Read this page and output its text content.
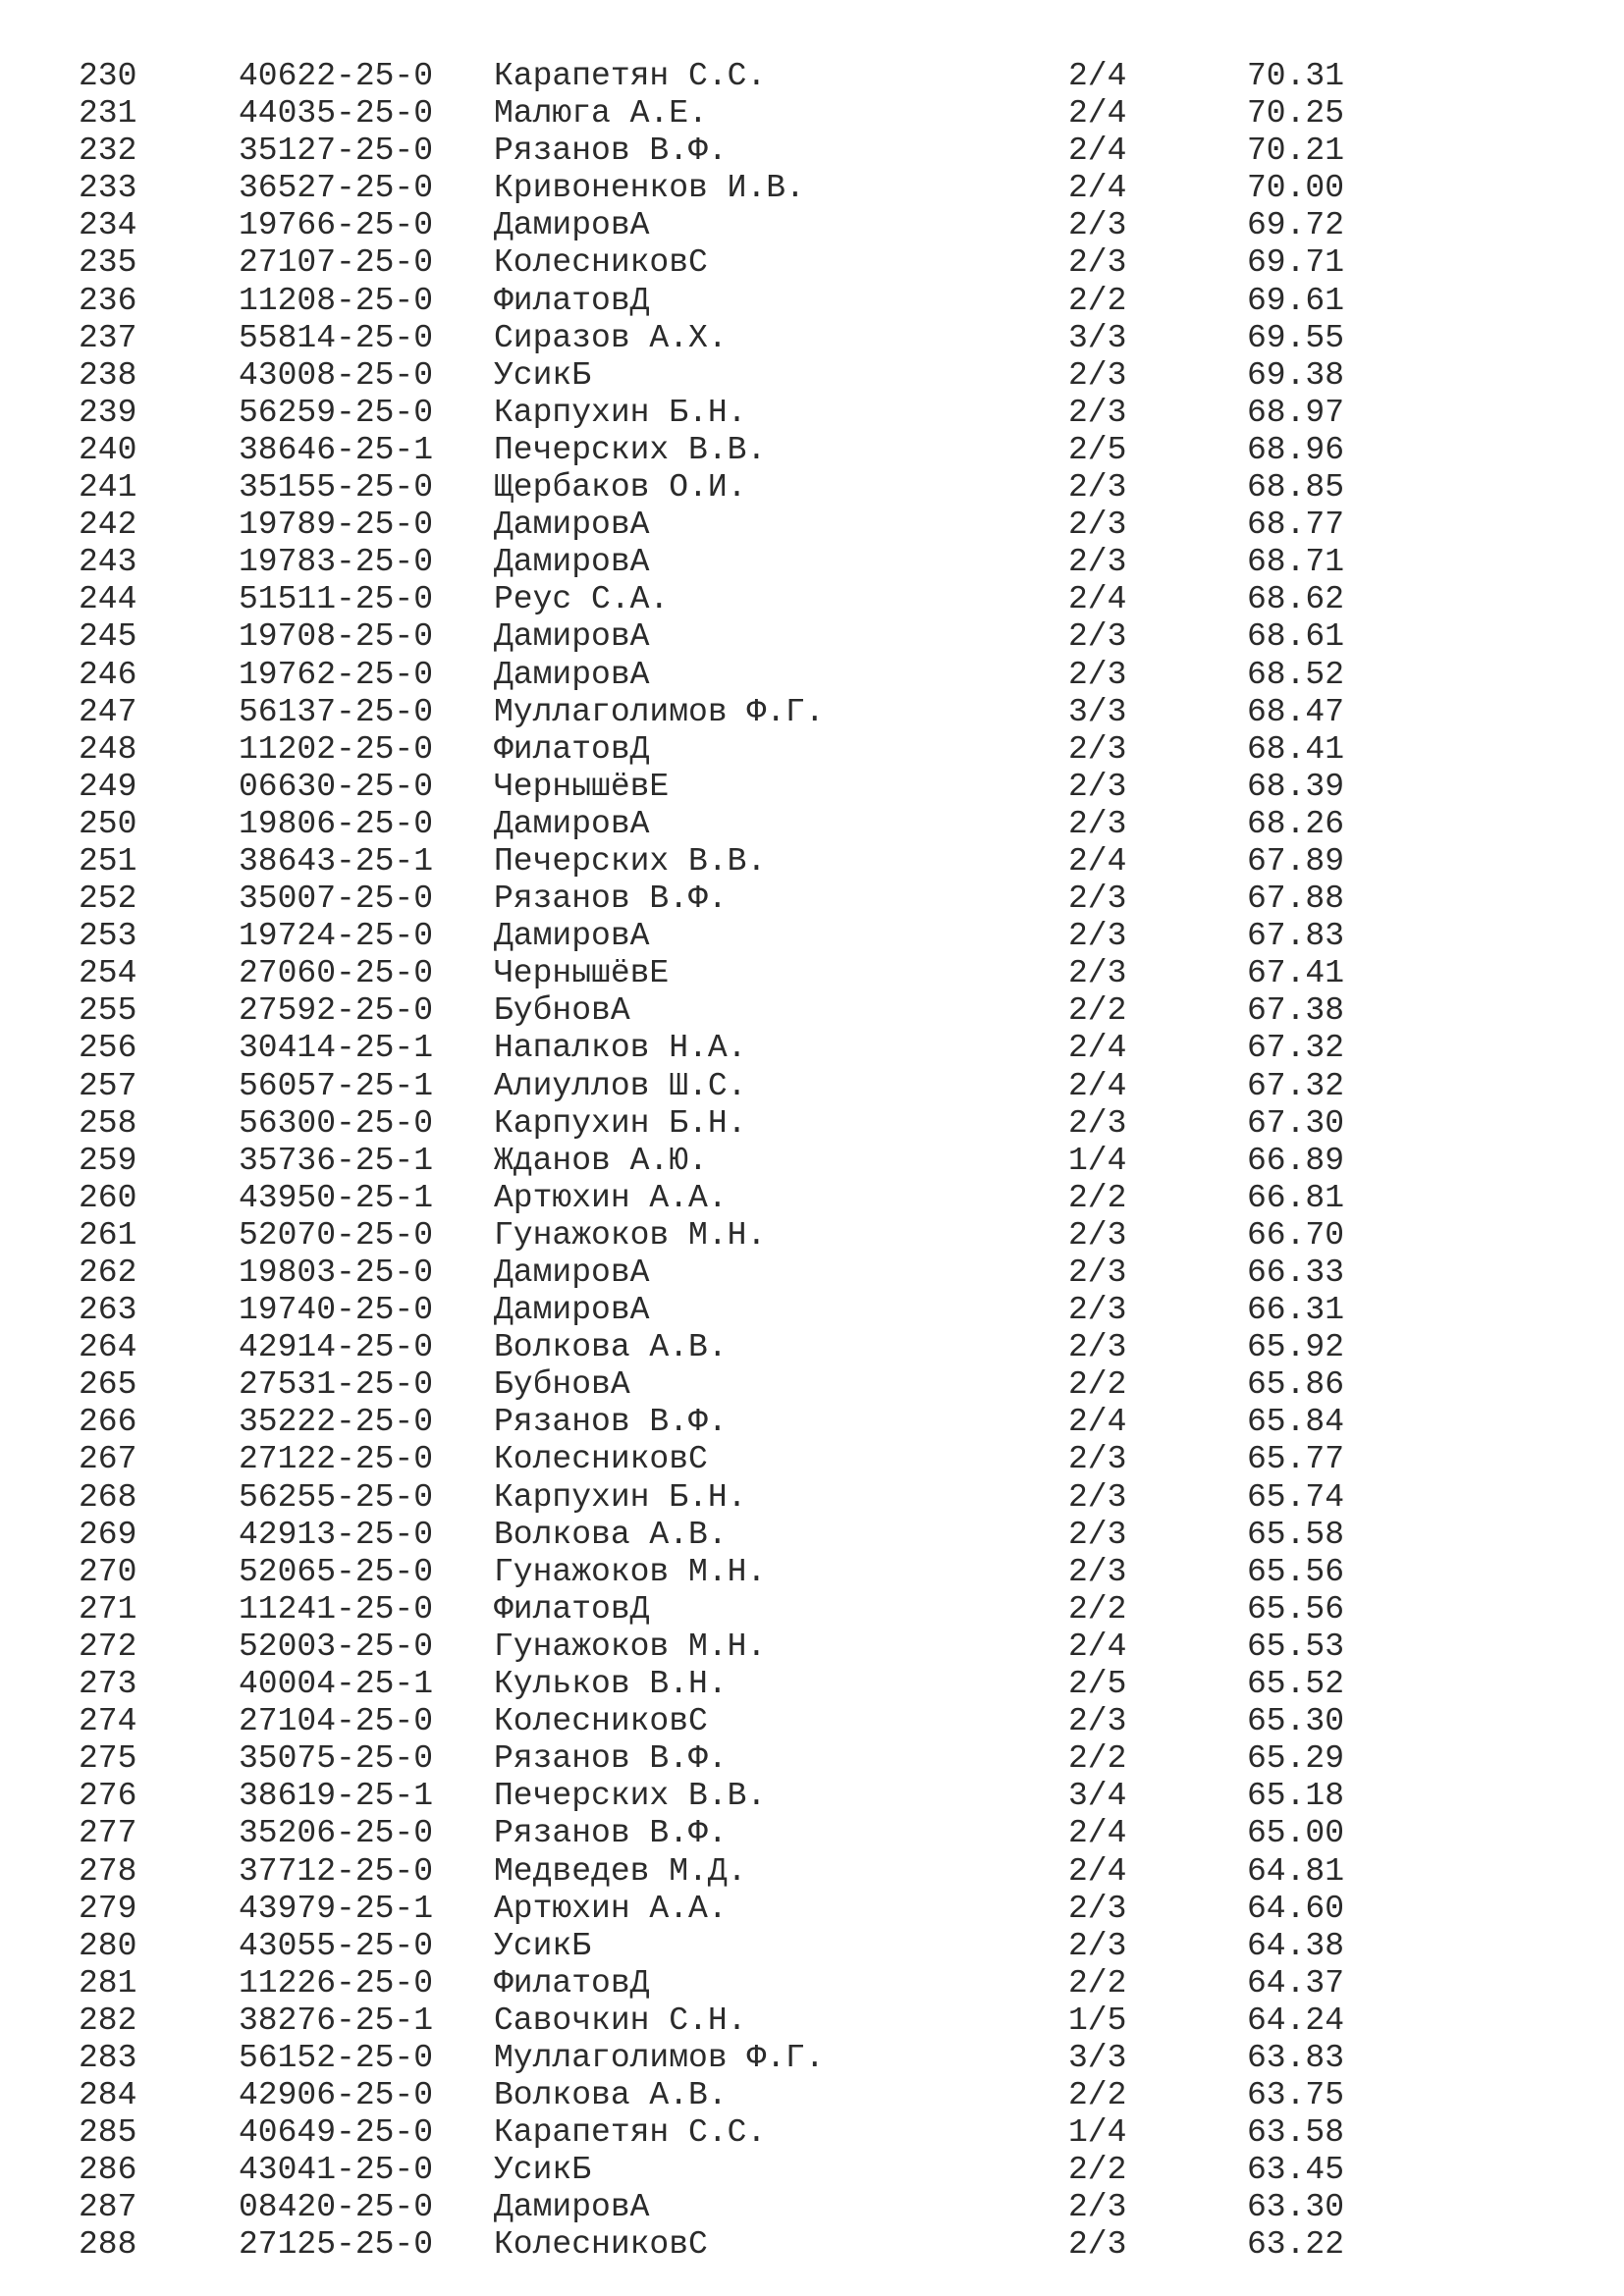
230	40622-25-0 Карапетян С.С.	2/4	70.31
231	44035-25-0 Малюга А.Е.	2/4	70.25
232	35127-25-0 Рязанов В.Ф.	2/4	70.21
233	36527-25-0 Кривоненков И.В.	2/4	70.00
234	19766-25-0 ДамировА	2/3	69.72
235	27107-25-0 КолесниковС	2/3	69.71
236	11208-25-0 ФилатовД	2/2	69.61
237	55814-25-0 Сиразов А.Х.	3/3	69.55
238	43008-25-0 УсикБ	2/3	69.38
239	56259-25-0 Карпухин Б.Н.	2/3	68.97
240	38646-25-1 Печерских В.В.	2/5	68.96
241	35155-25-0 Щербаков О.И.	2/3	68.85
242	19789-25-0 ДамировА	2/3	68.77
243	19783-25-0 ДамировА	2/3	68.71
244	51511-25-0 Реус С.А.	2/4	68.62
245	19708-25-0 ДамировА	2/3	68.61
246	19762-25-0 ДамировА	2/3	68.52
247	56137-25-0 Муллаголимов Ф.Г.	3/3	68.47
248	11202-25-0 ФилатовД	2/3	68.41
249	06630-25-0 ЧернышёвЕ	2/3	68.39
250	19806-25-0 ДамировА	2/3	68.26
251	38643-25-1 Печерских В.В.	2/4	67.89
252	35007-25-0 Рязанов В.Ф.	2/3	67.88
253	19724-25-0 ДамировА	2/3	67.83
254	27060-25-0 ЧернышёвЕ	2/3	67.41
255	27592-25-0 БубновА	2/2	67.38
256	30414-25-1 Напалков Н.А.	2/4	67.32
257	56057-25-1 Алиуллов Ш.С.	2/4	67.32
258	56300-25-0 Карпухин Б.Н.	2/3	67.30
259	35736-25-1 Жданов А.Ю.	1/4	66.89
260	43950-25-1 Артюхин А.А.	2/2	66.81
261	52070-25-0 Гунажоков М.Н.	2/3	66.70
262	19803-25-0 ДамировА	2/3	66.33
263	19740-25-0 ДамировА	2/3	66.31
264	42914-25-0 Волкова А.В.	2/3	65.92
265	27531-25-0 БубновА	2/2	65.86
266	35222-25-0 Рязанов В.Ф.	2/4	65.84
267	27122-25-0 КолесниковС	2/3	65.77
268	56255-25-0 Карпухин Б.Н.	2/3	65.74
269	42913-25-0 Волкова А.В.	2/3	65.58
270	52065-25-0 Гунажоков М.Н.	2/3	65.56
271	11241-25-0 ФилатовД	2/2	65.56
272	52003-25-0 Гунажоков М.Н.	2/4	65.53
273	40004-25-1 Кульков В.Н.	2/5	65.52
274	27104-25-0 КолесниковС	2/3	65.30
275	35075-25-0 Рязанов В.Ф.	2/2	65.29
276	38619-25-1 Печерских В.В.	3/4	65.18
277	35206-25-0 Рязанов В.Ф.	2/4	65.00
278	37712-25-0 Медведев М.Д.	2/4	64.81
279	43979-25-1 Артюхин А.А.	2/3	64.60
280	43055-25-0 УсикБ	2/3	64.38
281	11226-25-0 ФилатовД	2/2	64.37
282	38276-25-1 Савочкин С.Н.	1/5	64.24
283	56152-25-0 Муллаголимов Ф.Г.	3/3	63.83
284	42906-25-0 Волкова А.В.	2/2	63.75
285	40649-25-0 Карапетян С.С.	1/4	63.58
286	43041-25-0 УсикБ	2/2	63.45
287	08420-25-0 ДамировА	2/3	63.30
288	27125-25-0 КолесниковС	2/3	63.22
